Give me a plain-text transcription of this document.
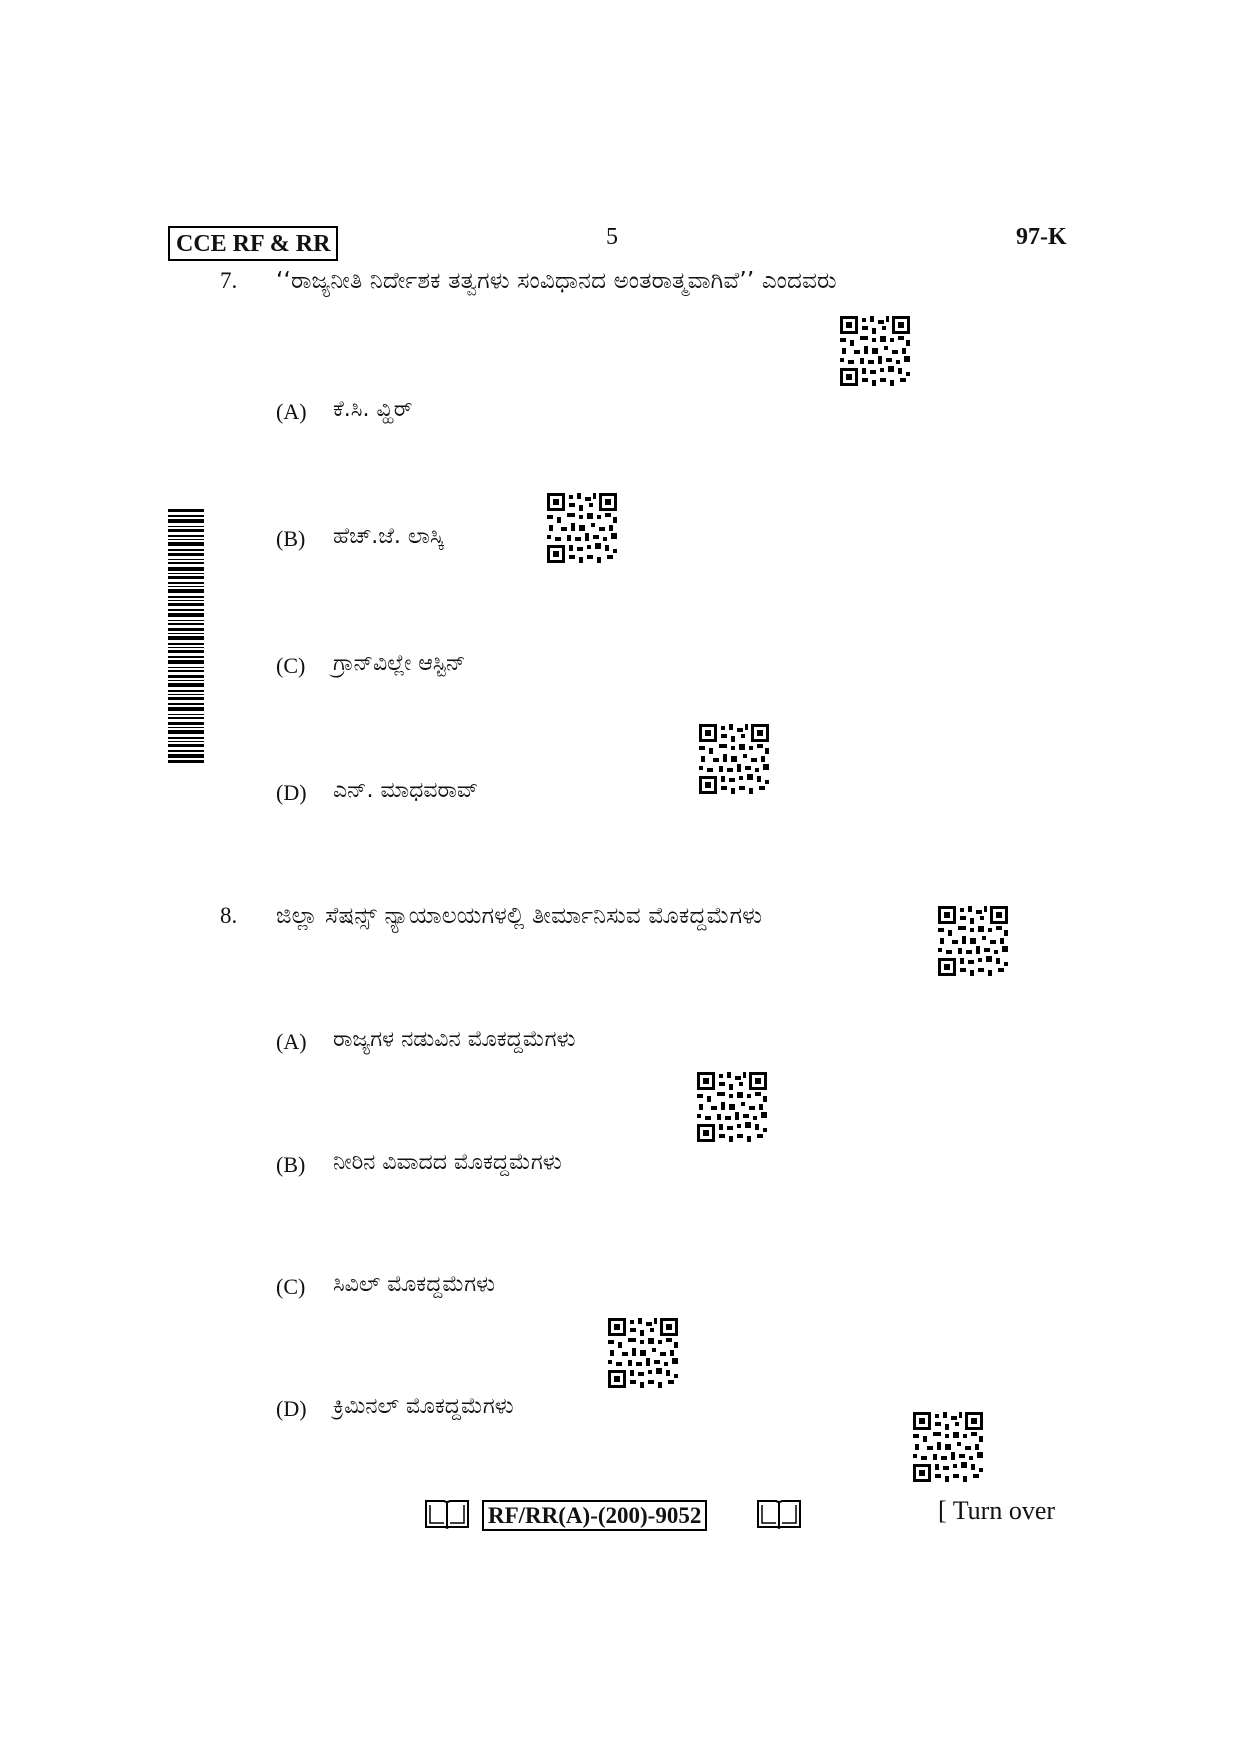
CCE RF & RR	5	97-K
7. ‘‘ರಾಜ್ಯನೀತಿ ನಿರ್ದೇಶಕ ತತ್ವಗಳು ಸಂವಿಧಾನದ ಅಂತರಾತ್ಮವಾಗಿವೆ’’ ಎಂದವರು
(A) ಕೆ.ಸಿ. ವ್ಹಿರ್
(B) ಹೆಚ್.ಜೆ. ಲಾಸ್ಕಿ
(C) ಗ್ರಾನ್‌ವಿಲ್ಲೇ ಆಸ್ಟಿನ್
(D) ಎನ್. ಮಾಧವರಾವ್
8. ಜಿಲ್ಲಾ ಸೆಷನ್ಸ್ ನ್ಯಾಯಾಲಯಗಳಲ್ಲಿ ತೀರ್ಮಾನಿಸುವ ಮೊಕದ್ದಮೆಗಳು
(A) ರಾಜ್ಯಗಳ ನಡುವಿನ ಮೊಕದ್ದಮೆಗಳು
(B) ನೀರಿನ ವಿವಾದದ ಮೊಕದ್ದಮೆಗಳು
(C) ಸಿವಿಲ್ ಮೊಕದ್ದಮೆಗಳು
(D) ಕ್ರಿಮಿನಲ್ ಮೊಕದ್ದಮೆಗಳು
RF/RR(A)-(200)-9052	[ Turn over
